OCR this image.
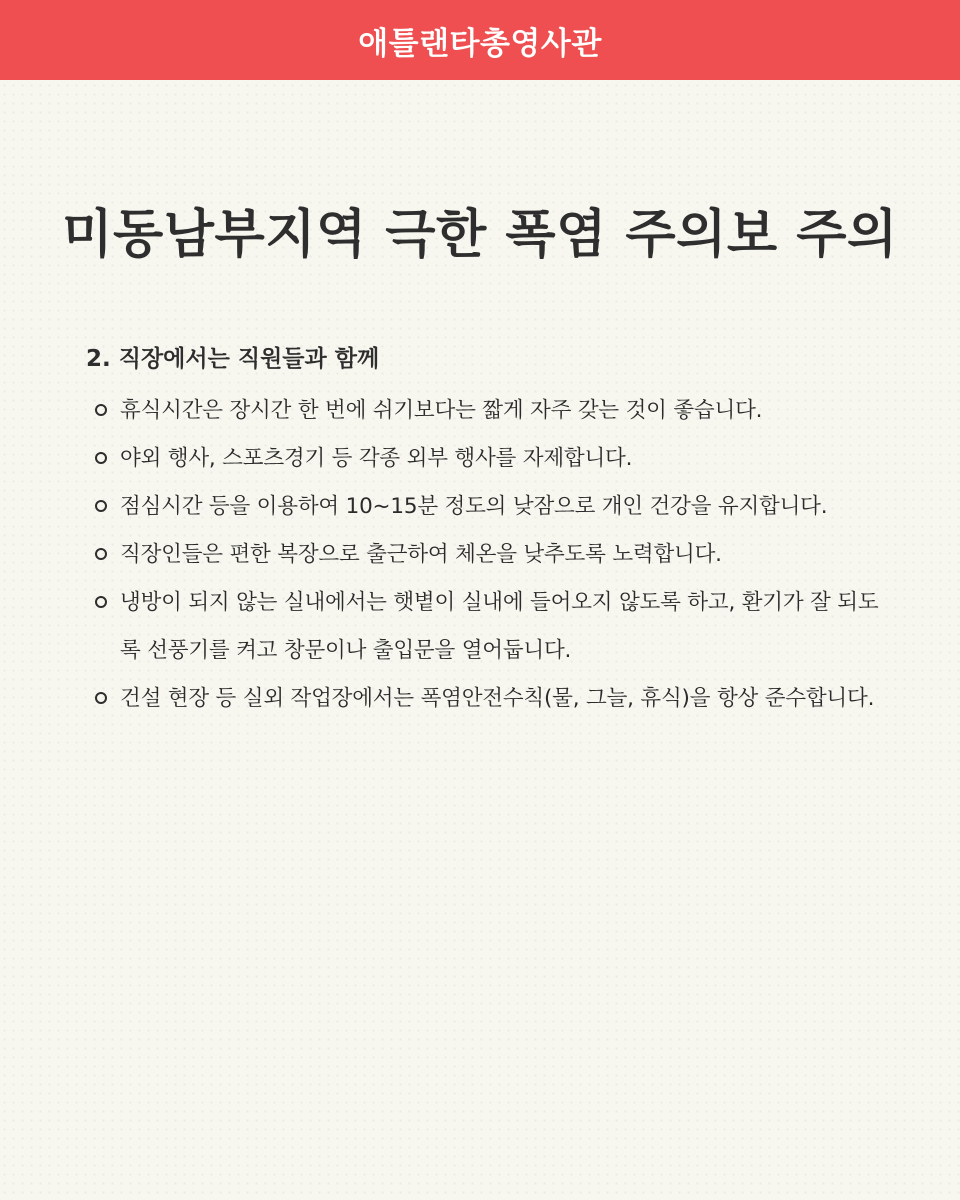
애틀랜타총영사관
미동남부지역 극한 폭염 주의보 주의
2. 직장에서는 직원들과 함께
휴식시간은 장시간 한 번에 쉬기보다는 짧게 자주 갖는 것이 좋습니다.
야외 행사, 스포츠경기 등 각종 외부 행사를 자제합니다.
점심시간 등을 이용하여 10~15분 정도의 낮잠으로 개인 건강을 유지합니다.
직장인들은 편한 복장으로 출근하여 체온을 낮추도록 노력합니다.
냉방이 되지 않는 실내에서는 햇볕이 실내에 들어오지 않도록 하고, 환기가 잘 되도록 선풍기를 켜고 창문이나 출입문을 열어둡니다.
건설 현장 등 실외 작업장에서는 폭염안전수칙(물, 그늘, 휴식)을 항상 준수합니다.
